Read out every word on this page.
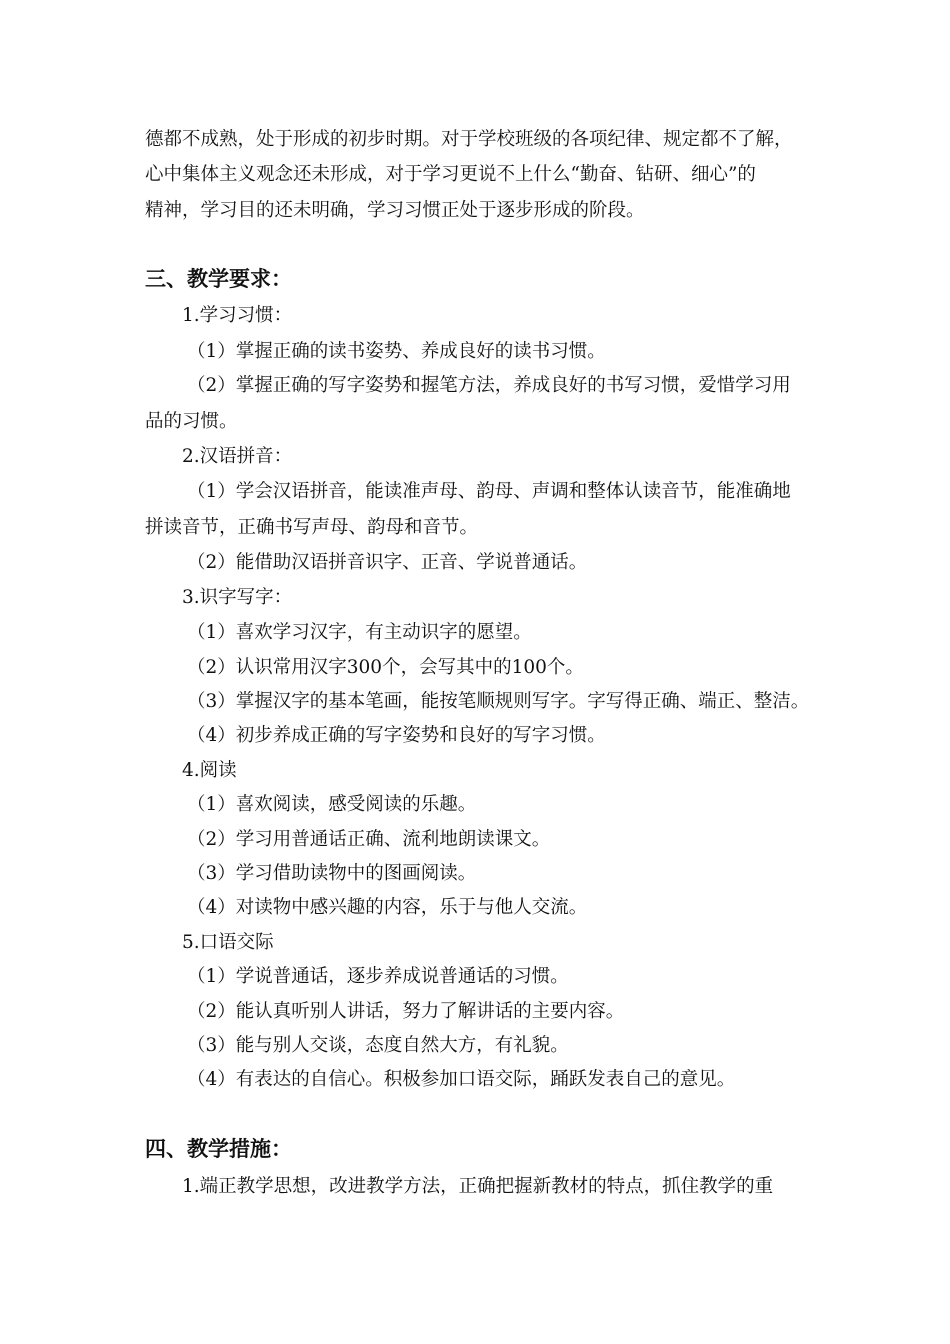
德都不成熟，处于形成的初步时期。对于学校班级的各项纪律、规定都不了解，
心中集体主义观念还未形成，对于学习更说不上什么“勤奋、钻研、细心”的
精神，学习目的还未明确，学习习惯正处于逐步形成的阶段。
三、教学要求：
1.学习习惯：
（1）掌握正确的读书姿势、养成良好的读书习惯。
（2）掌握正确的写字姿势和握笔方法，养成良好的书写习惯，爱惜学习用
品的习惯。
2.汉语拼音：
（1）学会汉语拼音，能读准声母、韵母、声调和整体认读音节，能准确地
拼读音节，正确书写声母、韵母和音节。
（2）能借助汉语拼音识字、正音、学说普通话。
3.识字写字：
（1）喜欢学习汉字，有主动识字的愿望。
（2）认识常用汉字300个，会写其中的100个。
（3）掌握汉字的基本笔画，能按笔顺规则写字。字写得正确、端正、整洁。
（4）初步养成正确的写字姿势和良好的写字习惯。
4.阅读
（1）喜欢阅读，感受阅读的乐趣。
（2）学习用普通话正确、流利地朗读课文。
（3）学习借助读物中的图画阅读。
（4）对读物中感兴趣的内容，乐于与他人交流。
5.口语交际
（1）学说普通话，逐步养成说普通话的习惯。
（2）能认真听别人讲话，努力了解讲话的主要内容。
（3）能与别人交谈，态度自然大方，有礼貌。
（4）有表达的自信心。积极参加口语交际，踊跃发表自己的意见。
四、教学措施：
1.端正教学思想，改进教学方法，正确把握新教材的特点，抓住教学的重
